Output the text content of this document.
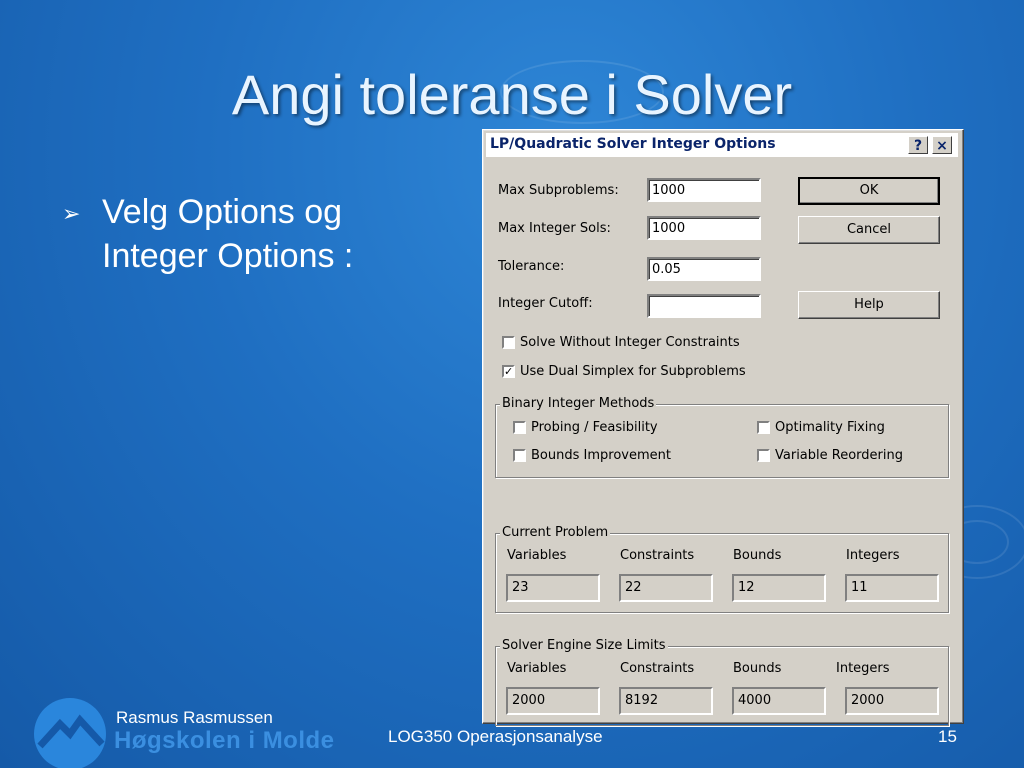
Angi toleranse i Solver
➢ Velg Options og Integer Options :
LP/Quadratic Solver Integer Options	?	×
Max Subproblems:	1000
Max Integer Sols:	1000
Tolerance:	0.05
Integer Cutoff:
OK
Cancel
Help
Solve Without Integer Constraints
✓ Use Dual Simplex for Subproblems
Binary Integer Methods
Probing / Feasibility
Bounds Improvement
Optimality Fixing
Variable Reordering
Current Problem
Variables	Constraints	Bounds	Integers
23	22	12	11
Solver Engine Size Limits
Variables	Constraints	Bounds	Integers
2000	8192	4000	2000
Rasmus Rasmussen
Høgskolen i Molde	LOG350 Operasjonsanalyse	15
